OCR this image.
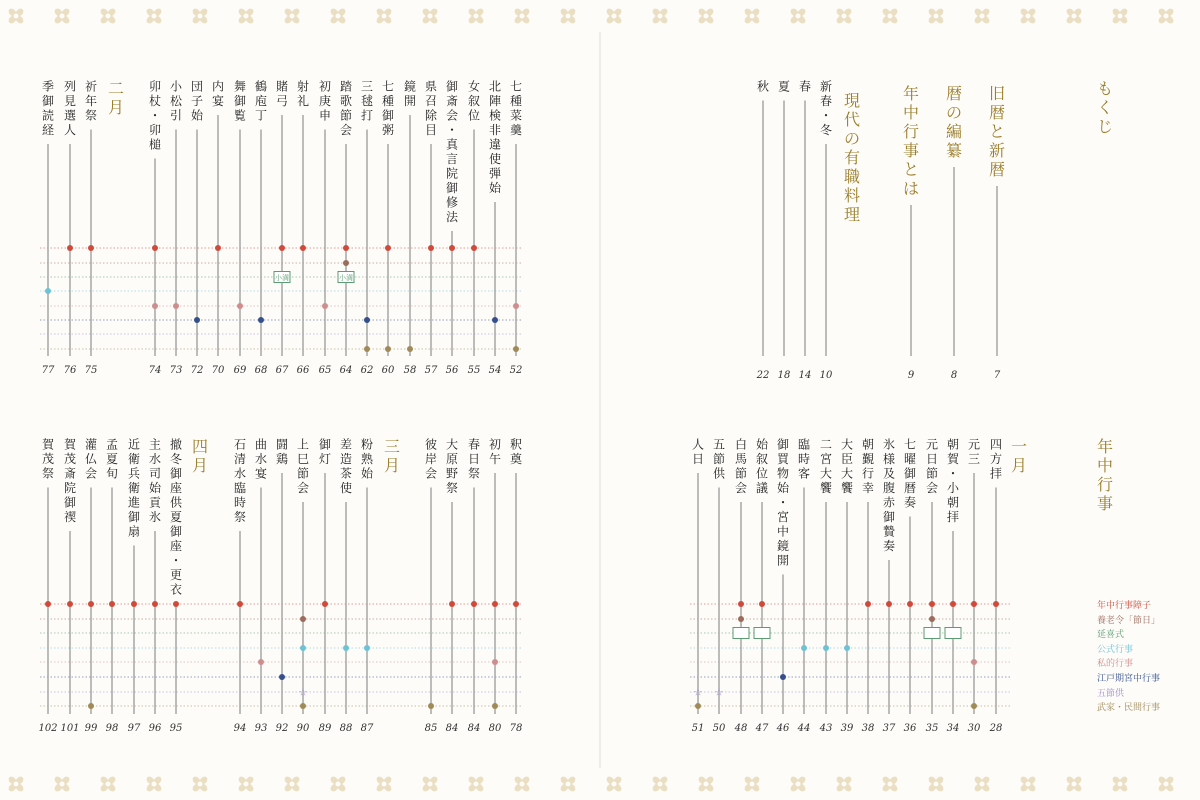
も
く
じ
旧
暦
と
新
暦
7
暦
の
編
纂
8
年
中
行
事
と
は
9
現
代
の
有
職
料
理
新
春
・
冬
10
春
14
夏
18
秋
22
七
種
菜
羹
52
北
陣
検
非
違
使
弾
始
54
女
叙
位
55
御
斎
会
・
真
言
院
御
修
法
56
県
召
除
目
57
鏡
開
58
七
種
御
粥
60
三
毬
打
62
踏
歌
節
会
64
小満
初
庚
申
65
射
礼
66
賭
弓
67
小満
鶴
庖
丁
68
舞
御
覧
69
内
宴
70
団
子
始
72
小
松
引
73
卯
杖
・
卯
槌
74
二
月
祈
年
祭
75
列
見
選
人
76
季
御
読
経
77
年
中
行
事
一
月
四
方
拝
28
元
三
30
朝
賀
・
小
朝
拝
34
元
日
節
会
35
七
曜
御
暦
奏
36
氷
様
及
腹
赤
御
贄
奏
37
朝
覲
行
幸
38
大
臣
大
饗
39
二
宮
大
饗
43
臨
時
客
44
御
買
物
始
・
宮
中
鏡
開
46
始
叙
位
議
47
白
馬
節
会
48
五
節
供
50
☆
人
日
51
☆
年中行事障子
養老令「節日」
延喜式
公式行事
私的行事
江戸期宮中行事
五節供
武家・民間行事
釈
奠
78
初
午
80
春
日
祭
84
大
原
野
祭
84
彼
岸
会
85
三
月
粉
熟
始
87
差
造
茶
使
88
御
灯
89
上
巳
節
会
90
☆
闘
鶏
92
曲
水
宴
93
石
清
水
臨
時
祭
94
四
月
撤
冬
御
座
供
夏
御
座
・
更
衣
95
主
水
司
始
貢
氷
96
近
衛
兵
衛
進
御
扇
97
孟
夏
旬
98
灌
仏
会
99
賀
茂
斎
院
御
禊
101
賀
茂
祭
102
